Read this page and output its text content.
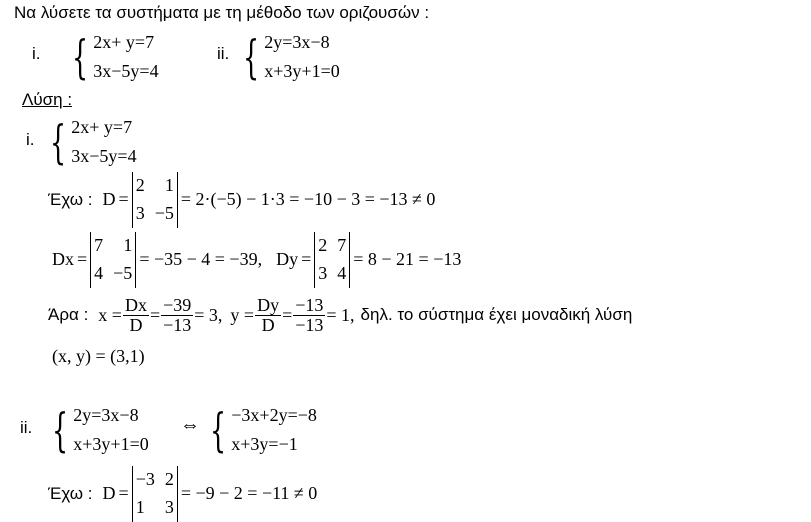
Να λύσετε τα συστήματα με τη μέθοδο των οριζουσών :
i. { 2x+ y=7
3x−5y=4
ii. { 2y=3x−8
x+3y+1=0
Λύση :
i. { 2x+ y=7
3x−5y=4
Έχω : D =
2 1
3 −5
= 2·(−5) − 1·3 = −10 − 3 = −13 ≠ 0
Dx =
7 1
4 −5
= −35 − 4 = −39, Dy =
2 7
3 4
= 8 − 21 = −13
Άρα : $x = \frac{Dx}{D} = \frac{-39}{-13} = 3$, $y = \frac{Dy}{D} = \frac{-13}{-13} = 1$, δηλ. το σύστημα έχει μοναδική λύση
(x, y) = (3,1)
ii. { 2y=3x−8
x+3y+1=0
⇔ { −3x+2y=−8
x+3y=−1
Έχω : D =
−3 2
1 3
= −9 − 2 = −11 ≠ 0
